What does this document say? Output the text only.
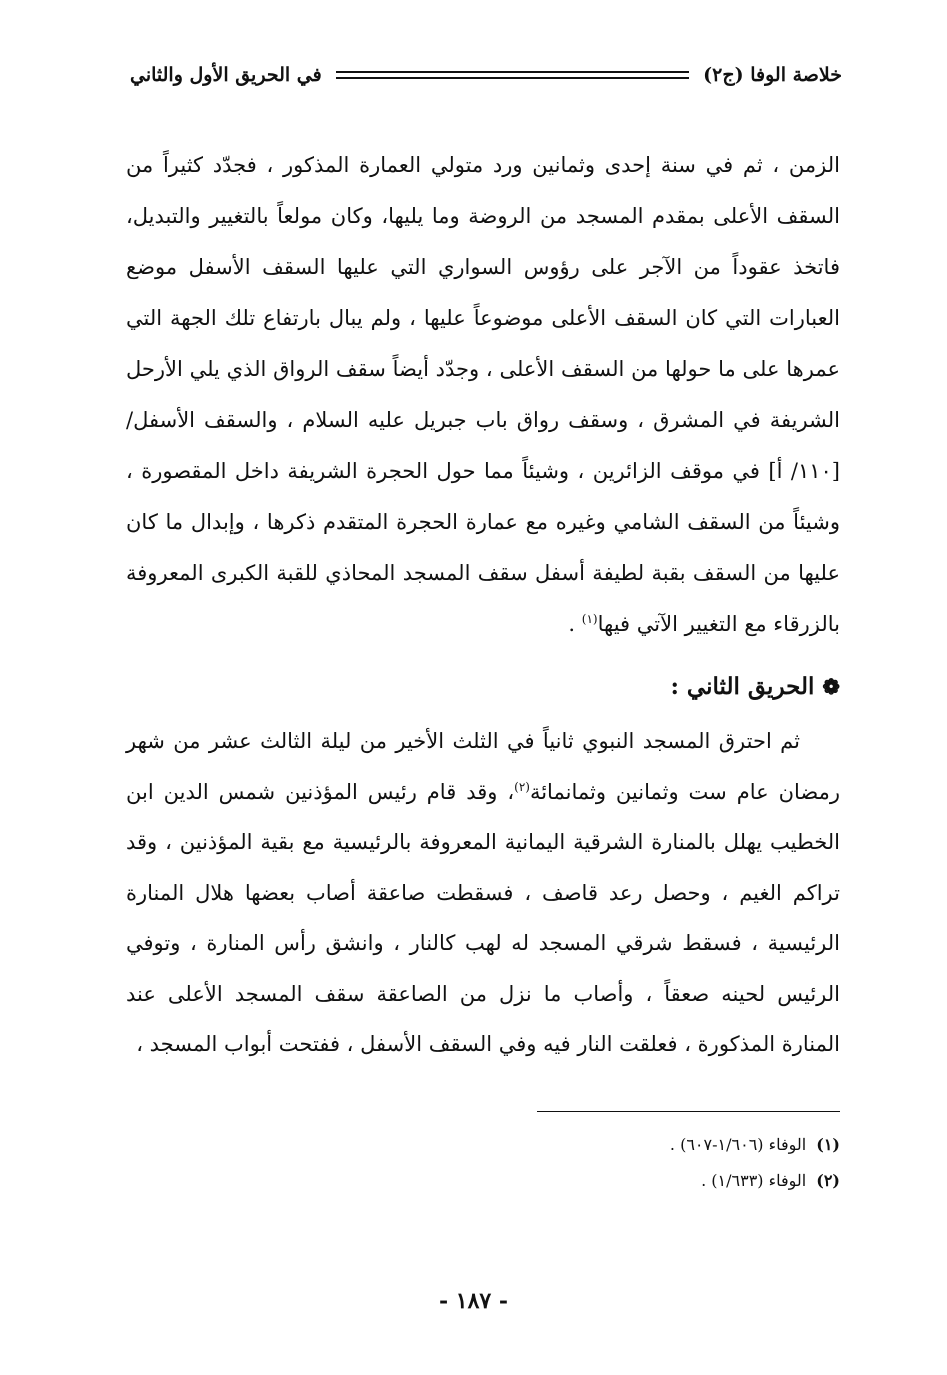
خلاصة الوفا (ج٢)
في الحريق الأول والثاني

الزمن ، ثم في سنة إحدى وثمانين ورد متولي العمارة المذكور ، فجدّد كثيراً من السقف الأعلى بمقدم المسجد من الروضة وما يليها، وكان مولعاً بالتغيير والتبديل، فاتخذ عقوداً من الآجر على رؤوس السواري التي عليها السقف الأسفل موضع العبارات التي كان السقف الأعلى موضوعاً عليها ، ولم يبال بارتفاع تلك الجهة التي عمرها على ما حولها من السقف الأعلى ، وجدّد أيضاً سقف الرواق الذي يلي الأرحل الشريفة في المشرق ، وسقف رواق باب جبريل عليه السلام ، والسقف الأسفل/ [١١٠/ أ] في موقف الزائرين ، وشيئاً مما حول الحجرة الشريفة داخل المقصورة ، وشيئاً من السقف الشامي وغيره مع عمارة الحجرة المتقدم ذكرها ، وإبدال ما كان عليها من السقف بقبة لطيفة أسفل سقف المسجد المحاذي للقبة الكبرى المعروفة بالزرقاء مع التغيير الآتي فيها$^{(١)}$ .

❁
الحريق الثاني :

ثم احترق المسجد النبوي ثانياً في الثلث الأخير من ليلة الثالث عشر من شهر رمضان عام ست وثمانين وثمانمائة$^{(٢)}$، وقد قام رئيس المؤذنين شمس الدين ابن الخطيب يهلل بالمنارة الشرقية اليمانية المعروفة بالرئيسية مع بقية المؤذنين ، وقد تراكم الغيم ، وحصل رعد قاصف ، فسقطت صاعقة أصاب بعضها هلال المنارة الرئيسية ، فسقط شرقي المسجد له لهب كالنار ، وانشق رأس المنارة ، وتوفي الرئيس لحينه صعقاً ، وأصاب ما نزل من الصاعقة سقف المسجد الأعلى عند المنارة المذكورة ، فعلقت النار فيه وفي السقف الأسفل ، ففتحت أبواب المسجد ،

(١)الوفاء (١/٦٠٦-٦٠٧) .
(٢)الوفاء (١/٦٣٣) .
- ١٨٧ -
